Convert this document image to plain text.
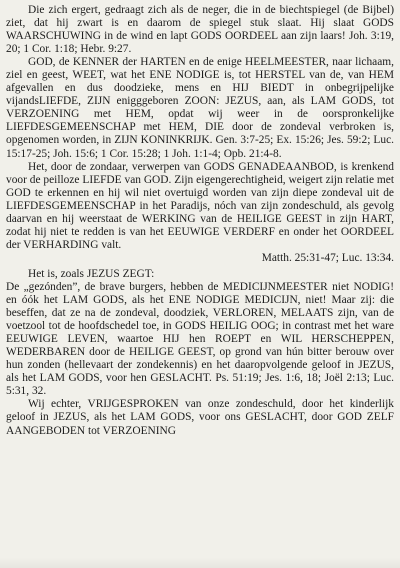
Die zich ergert, gedraagt zich als de neger, die in de biechtspiegel (de Bijbel) ziet, dat hij zwart is en daarom de spiegel stuk slaat. Hij slaat GODS WAARSCHUWING in de wind en lapt GODS OORDEEL aan zijn laars! Joh. 3:19, 20; 1 Cor. 1:18; Hebr. 9:27.

GOD, de KENNER der HARTEN en de enige HEELMEESTER, naar lichaam, ziel en geest, WEET, wat het ENE NODIGE is, tot HERSTEL van de, van HEM afgevallen en dus doodzieke, mens en HIJ BIEDT in onbegrijpelijke vijandsLIEFDE, ZIJN enigggeboren ZOON: JEZUS, aan, als LAM GODS, tot VERZOENING met HEM, opdat wij weer in de oorspronkelijke LIEFDESGEMEENSCHAP met HEM, DIE door de zondeval verbroken is, opgenomen worden, in ZIJN KONINKRIJK. Gen. 3:7-25; Ex. 15:26; Jes. 59:2; Luc. 15:17-25; Joh. 15:6; 1 Cor. 15:28; 1 Joh. 1:1-4; Opb. 21:4-8.

Het, door de zondaar, verwerpen van GODS GENADEAANBOD, is krenkend voor de peilloze LIEFDE van GOD. Zijn eigengerechtigheid, weigert zijn relatie met GOD te erkennen en hij wil niet overtuigd worden van zijn diepe zondeval uit de LIEFDESGEMEENSCHAP in het Paradijs, nóch van zijn zondeschuld, als gevolg daarvan en hij weerstaat de WERKING van de HEILIGE GEEST in zijn HART, zodat hij niet te redden is van het EEUWIGE VERDERF en onder het OORDEEL der VERHARDING valt.

Matth. 25:31-47; Luc. 13:34.

Het is, zoals JEZUS ZEGT:

De „gezónden”, de brave burgers, hebben de MEDICIJNMEESTER niet NODIG! en óók het LAM GODS, als het ENE NODIGE MEDICIJN, niet! Maar zij: die beseffen, dat ze na de zondeval, doodziek, VERLOREN, MELAATS zijn, van de voetzool tot de hoofdschedel toe, in GODS HEILIG OOG; in contrast met het ware EEUWIGE LEVEN, waartoe HIJ hen ROEPT en WIL HERSCHEPPEN, WEDERBAREN door de HEILIGE GEEST, op grond van hún bitter berouw over hun zonden (hellevaart der zondekennis) en het daaropvolgende geloof in JEZUS, als het LAM GODS, voor hen GESLACHT. Ps. 51:19; Jes. 1:6, 18; Joël 2:13; Luc. 5:31, 32.

Wij echter, VRIJGESPROKEN van onze zondeschuld, door het kinderlijk geloof in JEZUS, als het LAM GODS, voor ons GESLACHT, door GOD ZELF AANGEBODEN tot VERZOENING
